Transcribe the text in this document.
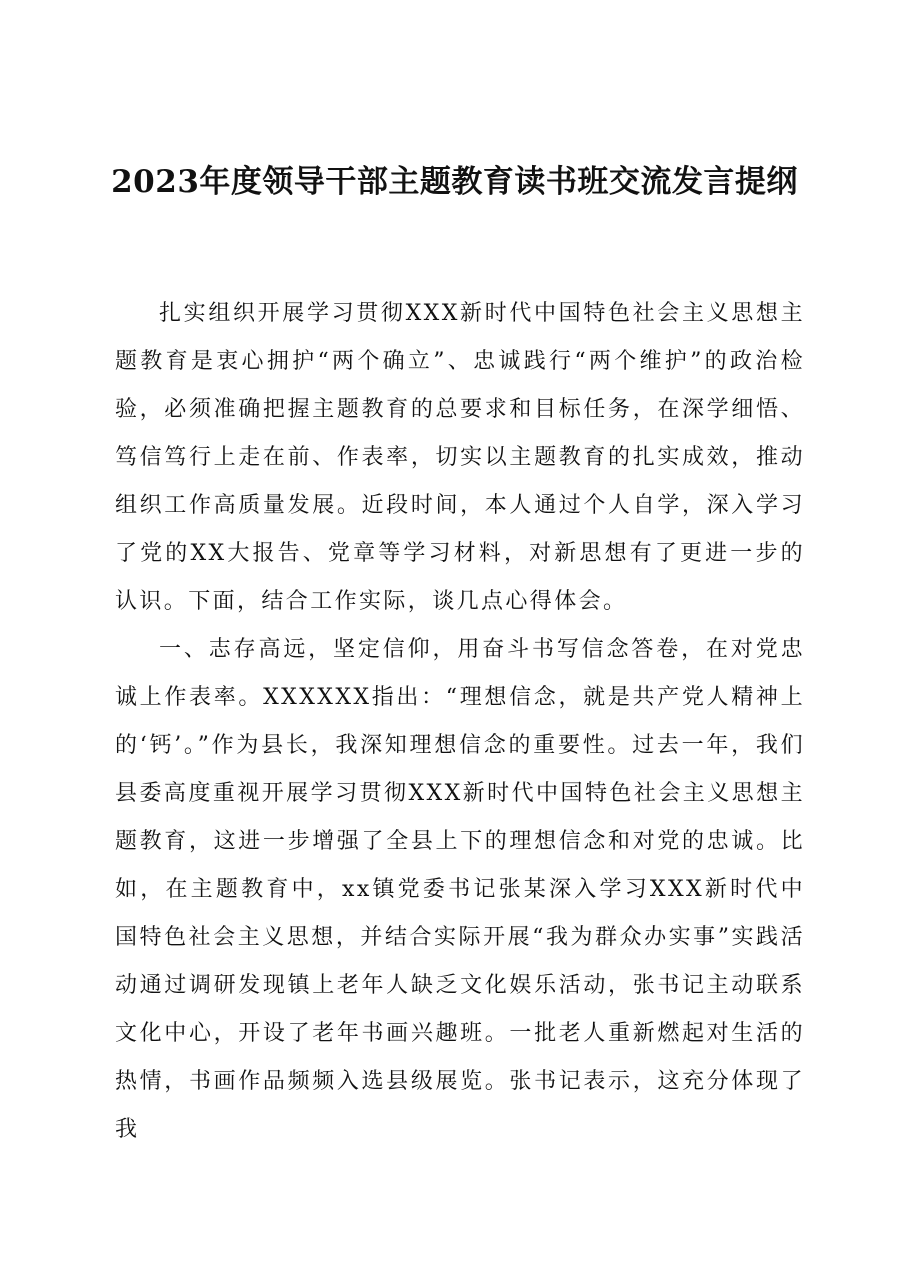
2023年度领导干部主题教育读书班交流发言提纲

扎实组织开展学习贯彻XXX新时代中国特色社会主义思想主题教育是衷心拥护“两个确立”、忠诚践行“两个维护”的政治检验，必须准确把握主题教育的总要求和目标任务，在深学细悟、笃信笃行上走在前、作表率，切实以主题教育的扎实成效，推动组织工作高质量发展。近段时间，本人通过个人自学，深入学习了党的XX大报告、党章等学习材料，对新思想有了更进一步的认识。下面，结合工作实际，谈几点心得体会。

一、志存高远，坚定信仰，用奋斗书写信念答卷，在对党忠诚上作表率。XXXXXX指出：“理想信念，就是共产党人精神上的‘钙’。”作为县长，我深知理想信念的重要性。过去一年，我们县委高度重视开展学习贯彻XXX新时代中国特色社会主义思想主题教育，这进一步增强了全县上下的理想信念和对党的忠诚。比如，在主题教育中，xx镇党委书记张某深入学习XXX新时代中国特色社会主义思想，并结合实际开展“我为群众办实事”实践活动通过调研发现镇上老年人缺乏文化娱乐活动，张书记主动联系文化中心，开设了老年书画兴趣班。一批老人重新燃起对生活的热情，书画作品频频入选县级展览。张书记表示，这充分体现了我
